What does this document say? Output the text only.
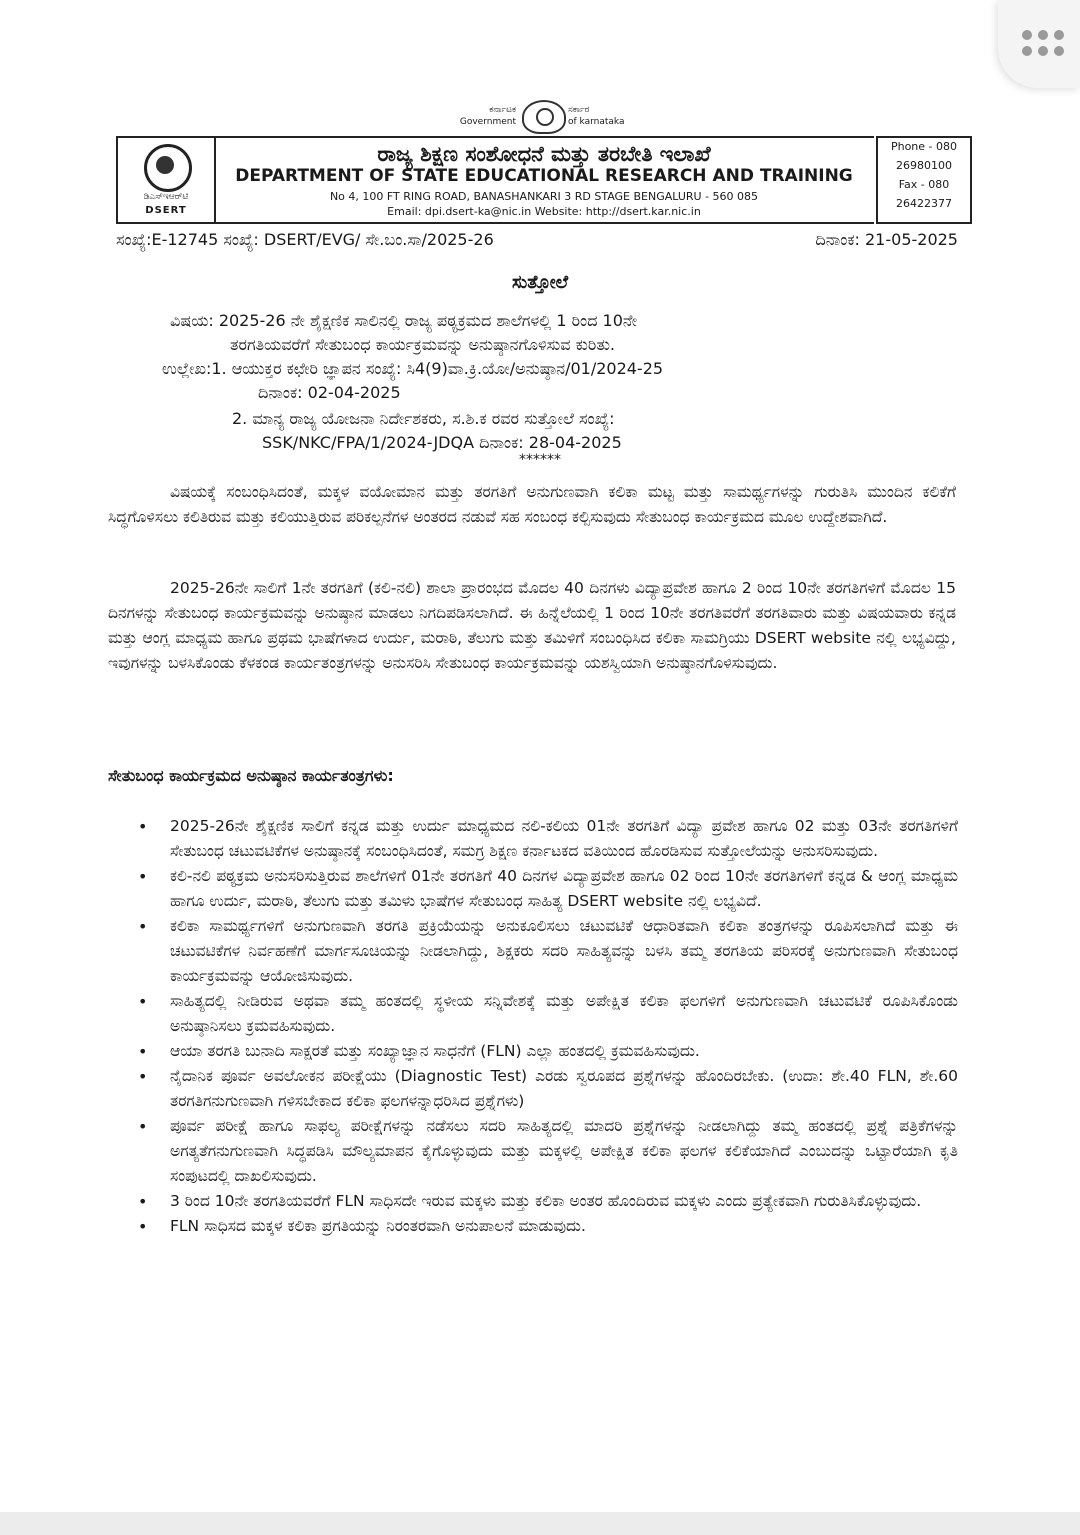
ಕರ್ನಾಟಕ
Government
ಸರ್ಕಾರ
of karnataka
ಡಿಎಸ್ಇಆರ್‌ಟಿ
DSERT
ರಾಜ್ಯ ಶಿಕ್ಷಣ ಸಂಶೋಧನೆ ಮತ್ತು ತರಬೇತಿ ಇಲಾಖೆ
DEPARTMENT OF STATE EDUCATIONAL RESEARCH AND TRAINING
No 4, 100 FT RING ROAD, BANASHANKARI 3 RD STAGE BENGALURU - 560 085
Email: dpi.dsert-ka@nic.in Website: http://dsert.kar.nic.in
Phone - 080
26980100
Fax - 080
26422377
ಸಂಖ್ಯೆ:E-12745 ಸಂಖ್ಯೆ: DSERT/EVG/ ಸೇ.ಬಂ.ಸಾ/2025-26	ದಿನಾಂಕ: 21-05-2025
ಸುತ್ತೋಲೆ
ವಿಷಯ: 2025-26 ನೇ ಶೈಕ್ಷಣಿಕ ಸಾಲಿನಲ್ಲಿ ರಾಜ್ಯ ಪಠ್ಯಕ್ರಮದ ಶಾಲೆಗಳಲ್ಲಿ 1 ರಿಂದ 10ನೇ
ತರಗತಿಯವರೆಗೆ ಸೇತುಬಂಧ ಕಾರ್ಯಕ್ರಮವನ್ನು ಅನುಷ್ಠಾನಗೊಳಿಸುವ ಕುರಿತು.
ಉಲ್ಲೇಖ:1. ಆಯುಕ್ತರ ಕಛೇರಿ ಜ್ಞಾಪನ ಸಂಖ್ಯೆ: ಸಿ4(9)ವಾ.ಕ್ರಿ.ಯೋ/ಅನುಷ್ಠಾನ/01/2024-25
ದಿನಾಂಕ: 02-04-2025
2. ಮಾನ್ಯ ರಾಜ್ಯ ಯೋಜನಾ ನಿರ್ದೇಶಕರು, ಸ.ಶಿ.ಕ ರವರ ಸುತ್ತೋಲೆ ಸಂಖ್ಯೆ:
SSK/NKC/FPA/1/2024-JDQA ದಿನಾಂಕ: 28-04-2025
******
ವಿಷಯಕ್ಕೆ ಸಂಬಂಧಿಸಿದಂತೆ, ಮಕ್ಕಳ ವಯೋಮಾನ ಮತ್ತು ತರಗತಿಗೆ ಅನುಗುಣವಾಗಿ ಕಲಿಕಾ ಮಟ್ಟ ಮತ್ತು ಸಾಮರ್ಥ್ಯಗಳನ್ನು ಗುರುತಿಸಿ ಮುಂದಿನ ಕಲಿಕೆಗೆ ಸಿದ್ಧಗೊಳಿಸಲು ಕಲಿತಿರುವ ಮತ್ತು ಕಲಿಯುತ್ತಿರುವ ಪರಿಕಲ್ಪನೆಗಳ ಅಂತರದ ನಡುವೆ ಸಹ ಸಂಬಂಧ ಕಲ್ಪಿಸುವುದು ಸೇತುಬಂಧ ಕಾರ್ಯಕ್ರಮದ ಮೂಲ ಉದ್ದೇಶವಾಗಿದೆ.
2025-26ನೇ ಸಾಲಿಗೆ 1ನೇ ತರಗತಿಗೆ (ಕಲಿ-ನಲಿ) ಶಾಲಾ ಪ್ರಾರಂಭದ ಮೊದಲ 40 ದಿನಗಳು ವಿದ್ಯಾಪ್ರವೇಶ ಹಾಗೂ 2 ರಿಂದ 10ನೇ ತರಗತಿಗಳಿಗೆ ಮೊದಲ 15 ದಿನಗಳನ್ನು ಸೇತುಬಂಧ ಕಾರ್ಯಕ್ರಮವನ್ನು ಅನುಷ್ಠಾನ ಮಾಡಲು ನಿಗದಿಪಡಿಸಲಾಗಿದೆ. ಈ ಹಿನ್ನೆಲೆಯಲ್ಲಿ 1 ರಿಂದ 10ನೇ ತರಗತಿವರೆಗೆ ತರಗತಿವಾರು ಮತ್ತು ವಿಷಯವಾರು ಕನ್ನಡ ಮತ್ತು ಆಂಗ್ಲ ಮಾಧ್ಯಮ ಹಾಗೂ ಪ್ರಥಮ ಭಾಷೆಗಳಾದ ಉರ್ದು, ಮರಾಠಿ, ತೆಲುಗು ಮತ್ತು ತಮಿಳಿಗೆ ಸಂಬಂಧಿಸಿದ ಕಲಿಕಾ ಸಾಮಗ್ರಿಯು DSERT website ನಲ್ಲಿ ಲಭ್ಯವಿದ್ದು, ಇವುಗಳನ್ನು ಬಳಸಿಕೊಂಡು ಕೆಳಕಂಡ ಕಾರ್ಯತಂತ್ರಗಳನ್ನು ಅನುಸರಿಸಿ ಸೇತುಬಂಧ ಕಾರ್ಯಕ್ರಮವನ್ನು ಯಶಸ್ವಿಯಾಗಿ ಅನುಷ್ಠಾನಗೊಳಿಸುವುದು.
ಸೇತುಬಂಧ ಕಾರ್ಯಕ್ರಮದ ಅನುಷ್ಠಾನ ಕಾರ್ಯತಂತ್ರಗಳು:
• 2025-26ನೇ ಶೈಕ್ಷಣಿಕ ಸಾಲಿಗೆ ಕನ್ನಡ ಮತ್ತು ಉರ್ದು ಮಾಧ್ಯಮದ ನಲಿ-ಕಲಿಯ 01ನೇ ತರಗತಿಗೆ ವಿದ್ಯಾ ಪ್ರವೇಶ ಹಾಗೂ 02 ಮತ್ತು 03ನೇ ತರಗತಿಗಳಿಗೆ ಸೇತುಬಂಧ ಚಟುವಟಿಕೆಗಳ ಅನುಷ್ಠಾನಕ್ಕೆ ಸಂಬಂಧಿಸಿದಂತೆ, ಸಮಗ್ರ ಶಿಕ್ಷಣ ಕರ್ನಾಟಕದ ವತಿಯಿಂದ ಹೊರಡಿಸುವ ಸುತ್ತೋಲೆಯನ್ನು ಅನುಸರಿಸುವುದು.
• ಕಲಿ-ನಲಿ ಪಠ್ಯಕ್ರಮ ಅನುಸರಿಸುತ್ತಿರುವ ಶಾಲೆಗಳಿಗೆ 01ನೇ ತರಗತಿಗೆ 40 ದಿನಗಳ ವಿದ್ಯಾಪ್ರವೇಶ ಹಾಗೂ 02 ರಿಂದ 10ನೇ ತರಗತಿಗಳಿಗೆ ಕನ್ನಡ & ಆಂಗ್ಲ ಮಾಧ್ಯಮ ಹಾಗೂ ಉರ್ದು, ಮರಾಠಿ, ತೆಲುಗು ಮತ್ತು ತಮಿಳು ಭಾಷೆಗಳ ಸೇತುಬಂಧ ಸಾಹಿತ್ಯ DSERT website ನಲ್ಲಿ ಲಭ್ಯವಿದೆ.
• ಕಲಿಕಾ ಸಾಮರ್ಥ್ಯಗಳಿಗೆ ಅನುಗುಣವಾಗಿ ತರಗತಿ ಪ್ರಕ್ರಿಯೆಯನ್ನು ಅನುಕೂಲಿಸಲು ಚಟುವಟಿಕೆ ಆಧಾರಿತವಾಗಿ ಕಲಿಕಾ ತಂತ್ರಗಳನ್ನು ರೂಪಿಸಲಾಗಿದೆ ಮತ್ತು ಈ ಚಟುವಟಿಕೆಗಳ ನಿರ್ವಹಣೆಗೆ ಮಾರ್ಗಸೂಚಿಯನ್ನು ನೀಡಲಾಗಿದ್ದು, ಶಿಕ್ಷಕರು ಸದರಿ ಸಾಹಿತ್ಯವನ್ನು ಬಳಸಿ ತಮ್ಮ ತರಗತಿಯ ಪರಿಸರಕ್ಕೆ ಅನುಗುಣವಾಗಿ ಸೇತುಬಂಧ ಕಾರ್ಯಕ್ರಮವನ್ನು ಆಯೋಜಿಸುವುದು.
• ಸಾಹಿತ್ಯದಲ್ಲಿ ನೀಡಿರುವ ಅಥವಾ ತಮ್ಮ ಹಂತದಲ್ಲಿ ಸ್ಥಳೀಯ ಸನ್ನಿವೇಶಕ್ಕೆ ಮತ್ತು ಅಪೇಕ್ಷಿತ ಕಲಿಕಾ ಫಲಗಳಿಗೆ ಅನುಗುಣವಾಗಿ ಚಟುವಟಿಕೆ ರೂಪಿಸಿಕೊಂಡು ಅನುಷ್ಠಾನಿಸಲು ಕ್ರಮವಹಿಸುವುದು.
• ಆಯಾ ತರಗತಿ ಬುನಾದಿ ಸಾಕ್ಷರತೆ ಮತ್ತು ಸಂಖ್ಯಾಜ್ಞಾನ ಸಾಧನೆಗೆ (FLN) ಎಲ್ಲಾ ಹಂತದಲ್ಲಿ ಕ್ರಮವಹಿಸುವುದು.
• ನೈದಾನಿಕ ಪೂರ್ವ ಅವಲೋಕನ ಪರೀಕ್ಷೆಯು (Diagnostic Test) ಎರಡು ಸ್ವರೂಪದ ಪ್ರಶ್ನೆಗಳನ್ನು ಹೊಂದಿರಬೇಕು. (ಉದಾ: ಶೇ.40 FLN, ಶೇ.60 ತರಗತಿಗನುಗುಣವಾಗಿ ಗಳಿಸಬೇಕಾದ ಕಲಿಕಾ ಫಲಗಳನ್ನಾಧರಿಸಿದ ಪ್ರಶ್ನೆಗಳು)
• ಪೂರ್ವ ಪರೀಕ್ಷೆ ಹಾಗೂ ಸಾಫಲ್ಯ ಪರೀಕ್ಷೆಗಳನ್ನು ನಡೆಸಲು ಸದರಿ ಸಾಹಿತ್ಯದಲ್ಲಿ ಮಾದರಿ ಪ್ರಶ್ನೆಗಳನ್ನು ನೀಡಲಾಗಿದ್ದು ತಮ್ಮ ಹಂತದಲ್ಲಿ ಪ್ರಶ್ನೆ ಪತ್ರಿಕೆಗಳನ್ನು ಅಗತ್ಯತೆಗನುಗುಣವಾಗಿ ಸಿದ್ಧಪಡಿಸಿ ಮೌಲ್ಯಮಾಪನ ಕೈಗೊಳ್ಳುವುದು ಮತ್ತು ಮಕ್ಕಳಲ್ಲಿ ಅಪೇಕ್ಷಿತ ಕಲಿಕಾ ಫಲಗಳ ಕಲಿಕೆಯಾಗಿದೆ ಎಂಬುದನ್ನು ಒಟ್ಟಾರೆಯಾಗಿ ಕೃತಿ ಸಂಪುಟದಲ್ಲಿ ದಾಖಲಿಸುವುದು.
• 3 ರಿಂದ 10ನೇ ತರಗತಿಯವರೆಗೆ FLN ಸಾಧಿಸದೇ ಇರುವ ಮಕ್ಕಳು ಮತ್ತು ಕಲಿಕಾ ಅಂತರ ಹೊಂದಿರುವ ಮಕ್ಕಳು ಎಂದು ಪ್ರತ್ಯೇಕವಾಗಿ ಗುರುತಿಸಿಕೊಳ್ಳುವುದು.
• FLN ಸಾಧಿಸದ ಮಕ್ಕಳ ಕಲಿಕಾ ಪ್ರಗತಿಯನ್ನು ನಿರಂತರವಾಗಿ ಅನುಪಾಲನೆ ಮಾಡುವುದು.
